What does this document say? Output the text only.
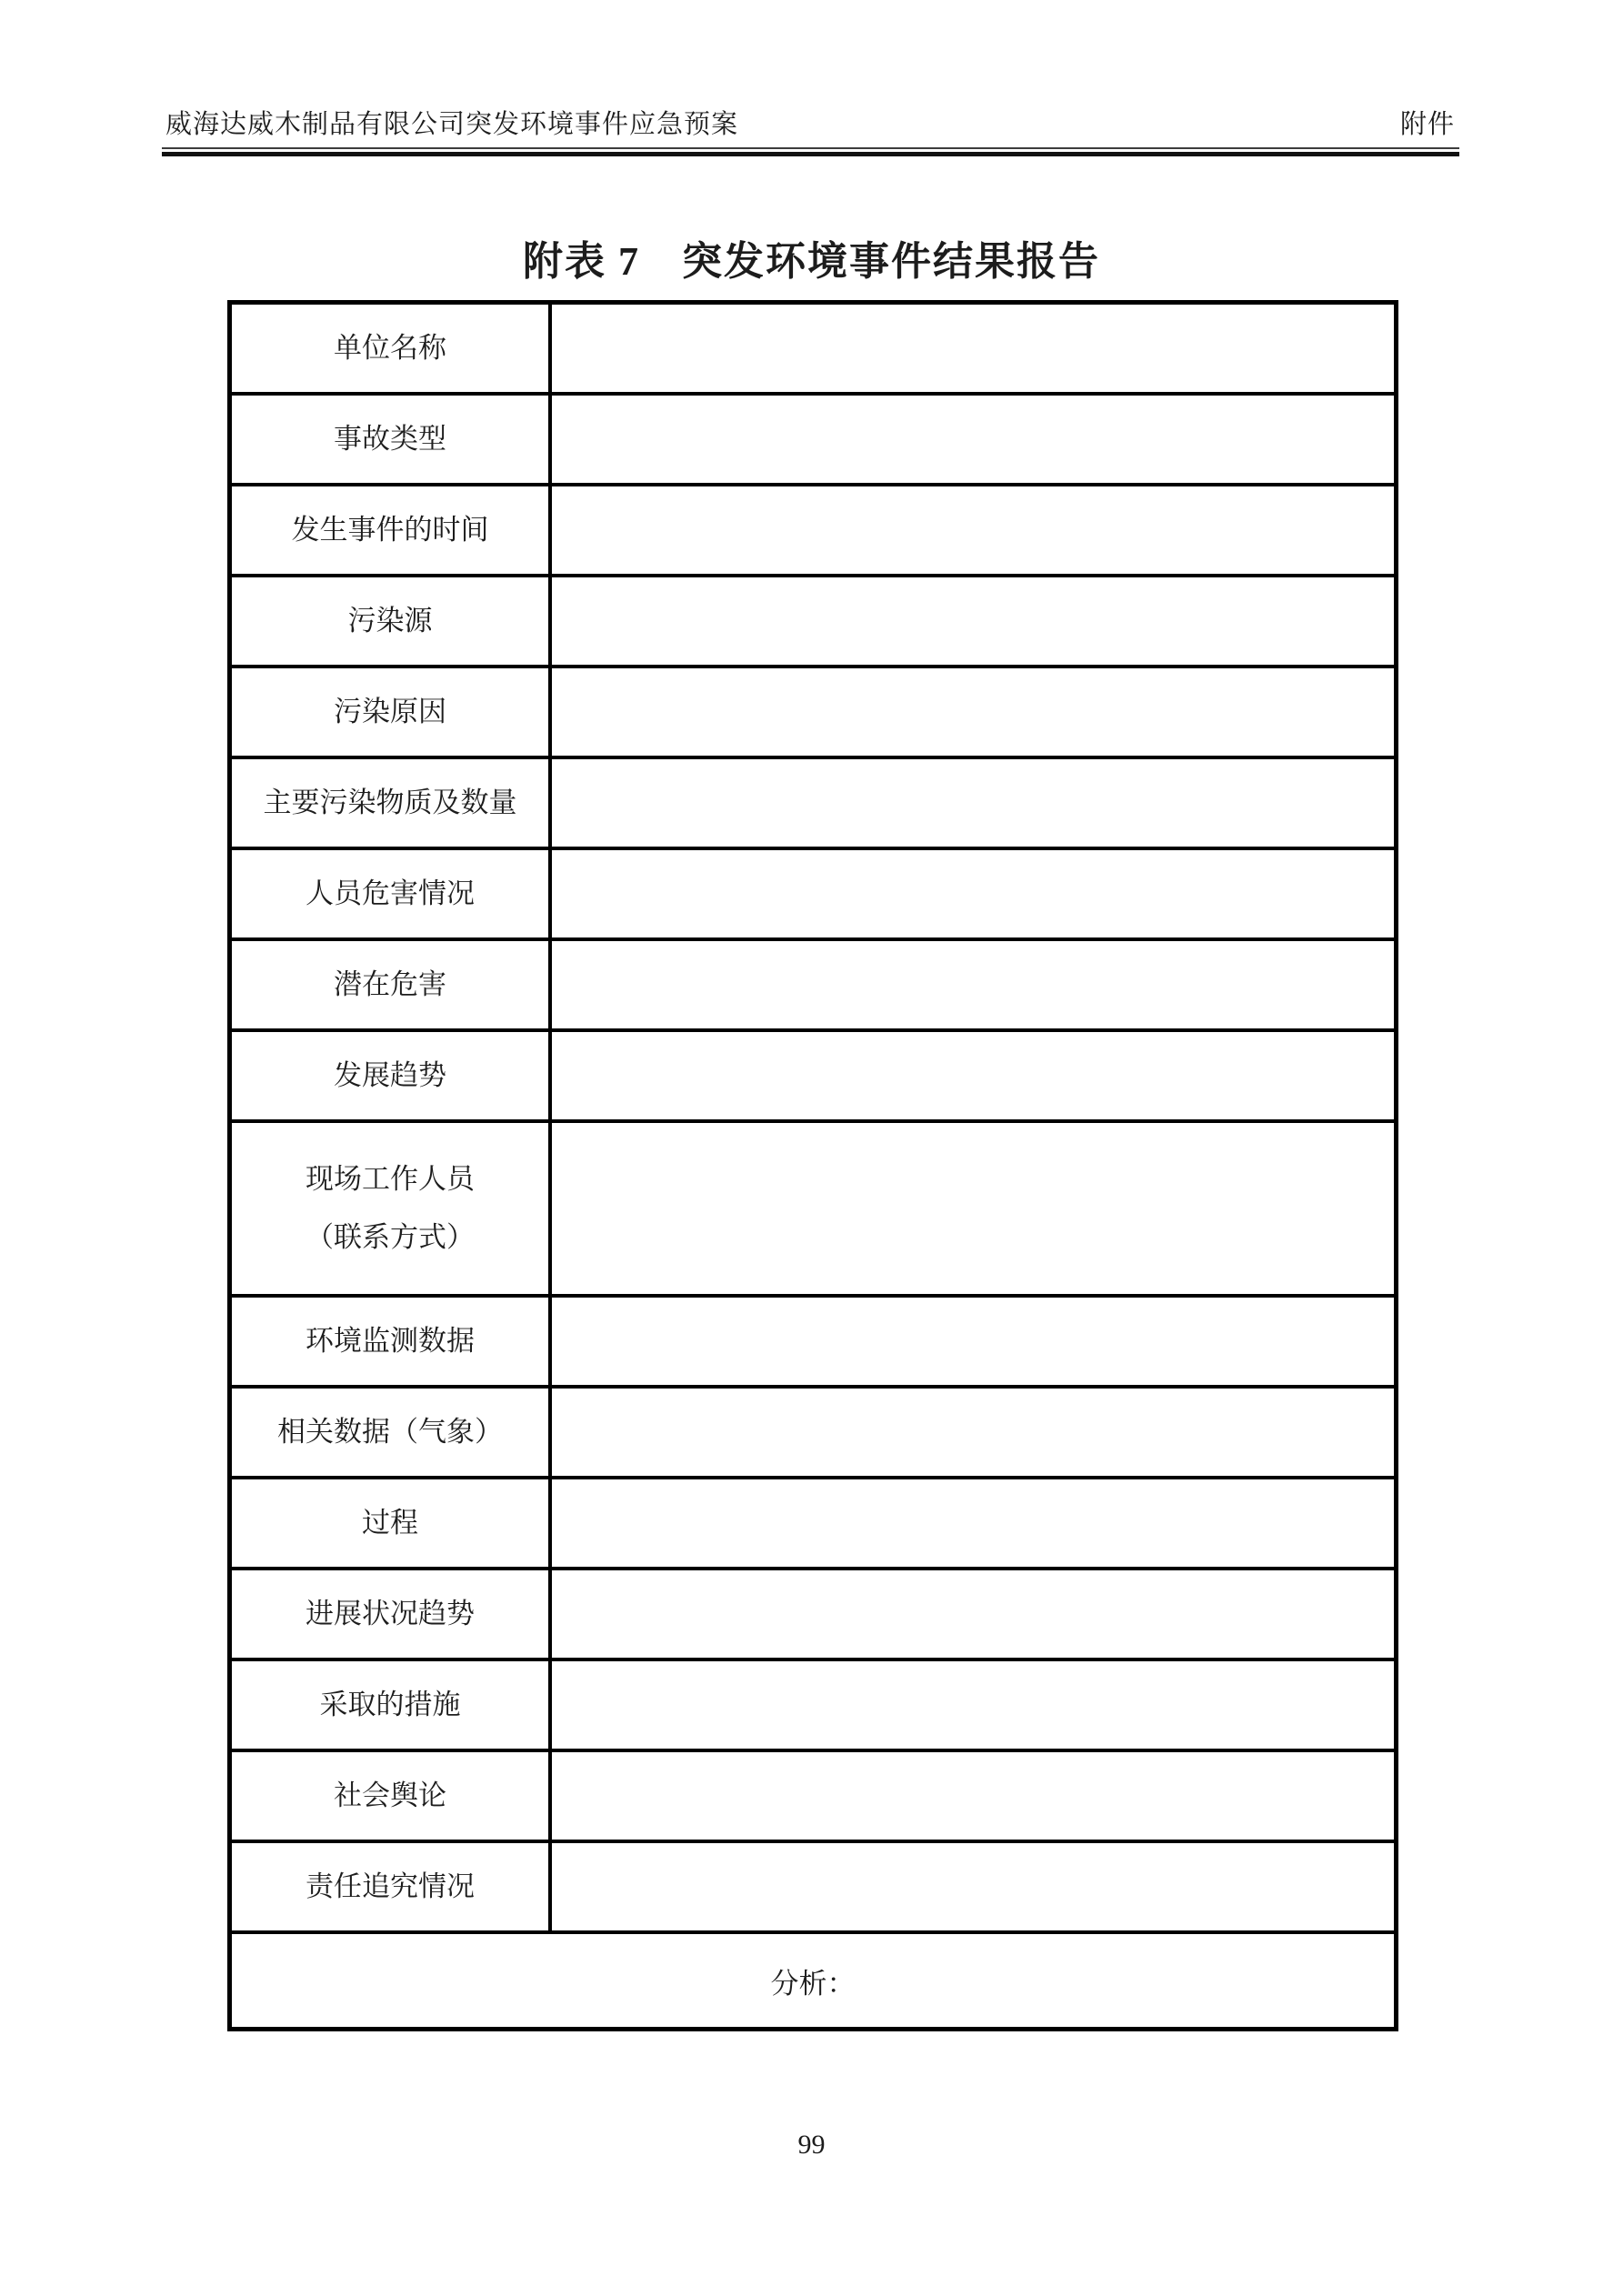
威海达威木制品有限公司突发环境事件应急预案	附件
附表 7　突发环境事件结果报告
单位名称	

事故类型	

发生事件的时间	

污染源	

污染原因	

主要污染物质及数量	

人员危害情况	

潜在危害	

发展趋势	

现场工作人员
（联系方式）	

环境监测数据	

相关数据（气象）	

过程	

进展状况趋势	

采取的措施	

社会舆论	

责任追究情况	

分析：	
99
